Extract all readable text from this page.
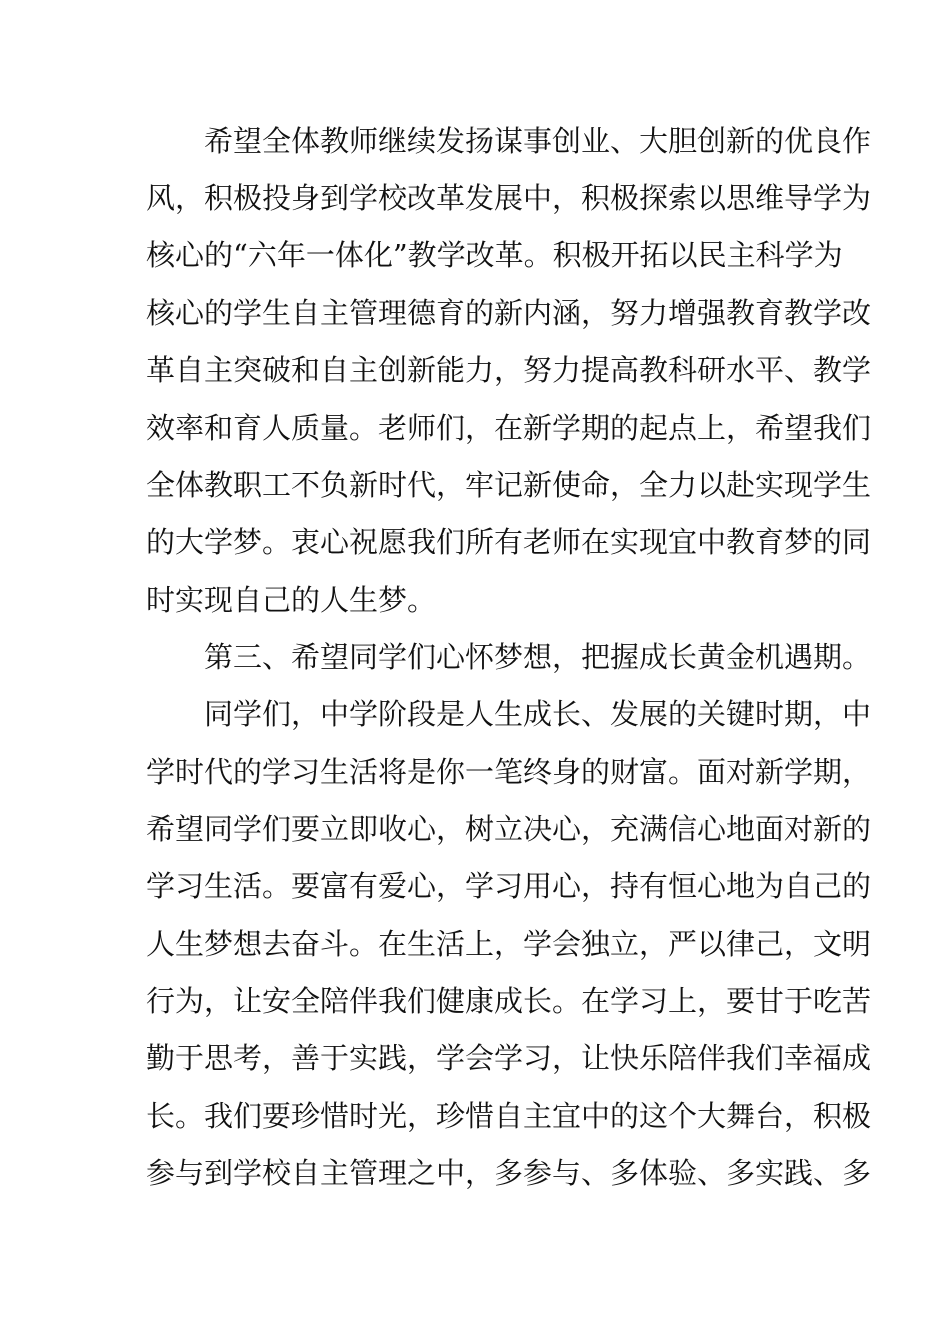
希望全体教师继续发扬谋事创业、大胆创新的优良作
风，积极投身到学校改革发展中，积极探索以思维导学为
核心的“六年一体化”教学改革。积极开拓以民主科学为
核心的学生自主管理德育的新内涵，努力增强教育教学改
革自主突破和自主创新能力，努力提高教科研水平、教学
效率和育人质量。老师们，在新学期的起点上，希望我们
全体教职工不负新时代，牢记新使命，全力以赴实现学生
的大学梦。衷心祝愿我们所有老师在实现宜中教育梦的同
时实现自己的人生梦。
第三、希望同学们心怀梦想，把握成长黄金机遇期。
同学们，中学阶段是人生成长、发展的关键时期，中
学时代的学习生活将是你一笔终身的财富。面对新学期，
希望同学们要立即收心，树立决心，充满信心地面对新的
学习生活。要富有爱心，学习用心，持有恒心地为自己的
人生梦想去奋斗。在生活上，学会独立，严以律己，文明
行为，让安全陪伴我们健康成长。在学习上，要甘于吃苦
勤于思考，善于实践，学会学习，让快乐陪伴我们幸福成
长。我们要珍惜时光，珍惜自主宜中的这个大舞台，积极
参与到学校自主管理之中，多参与、多体验、多实践、多
